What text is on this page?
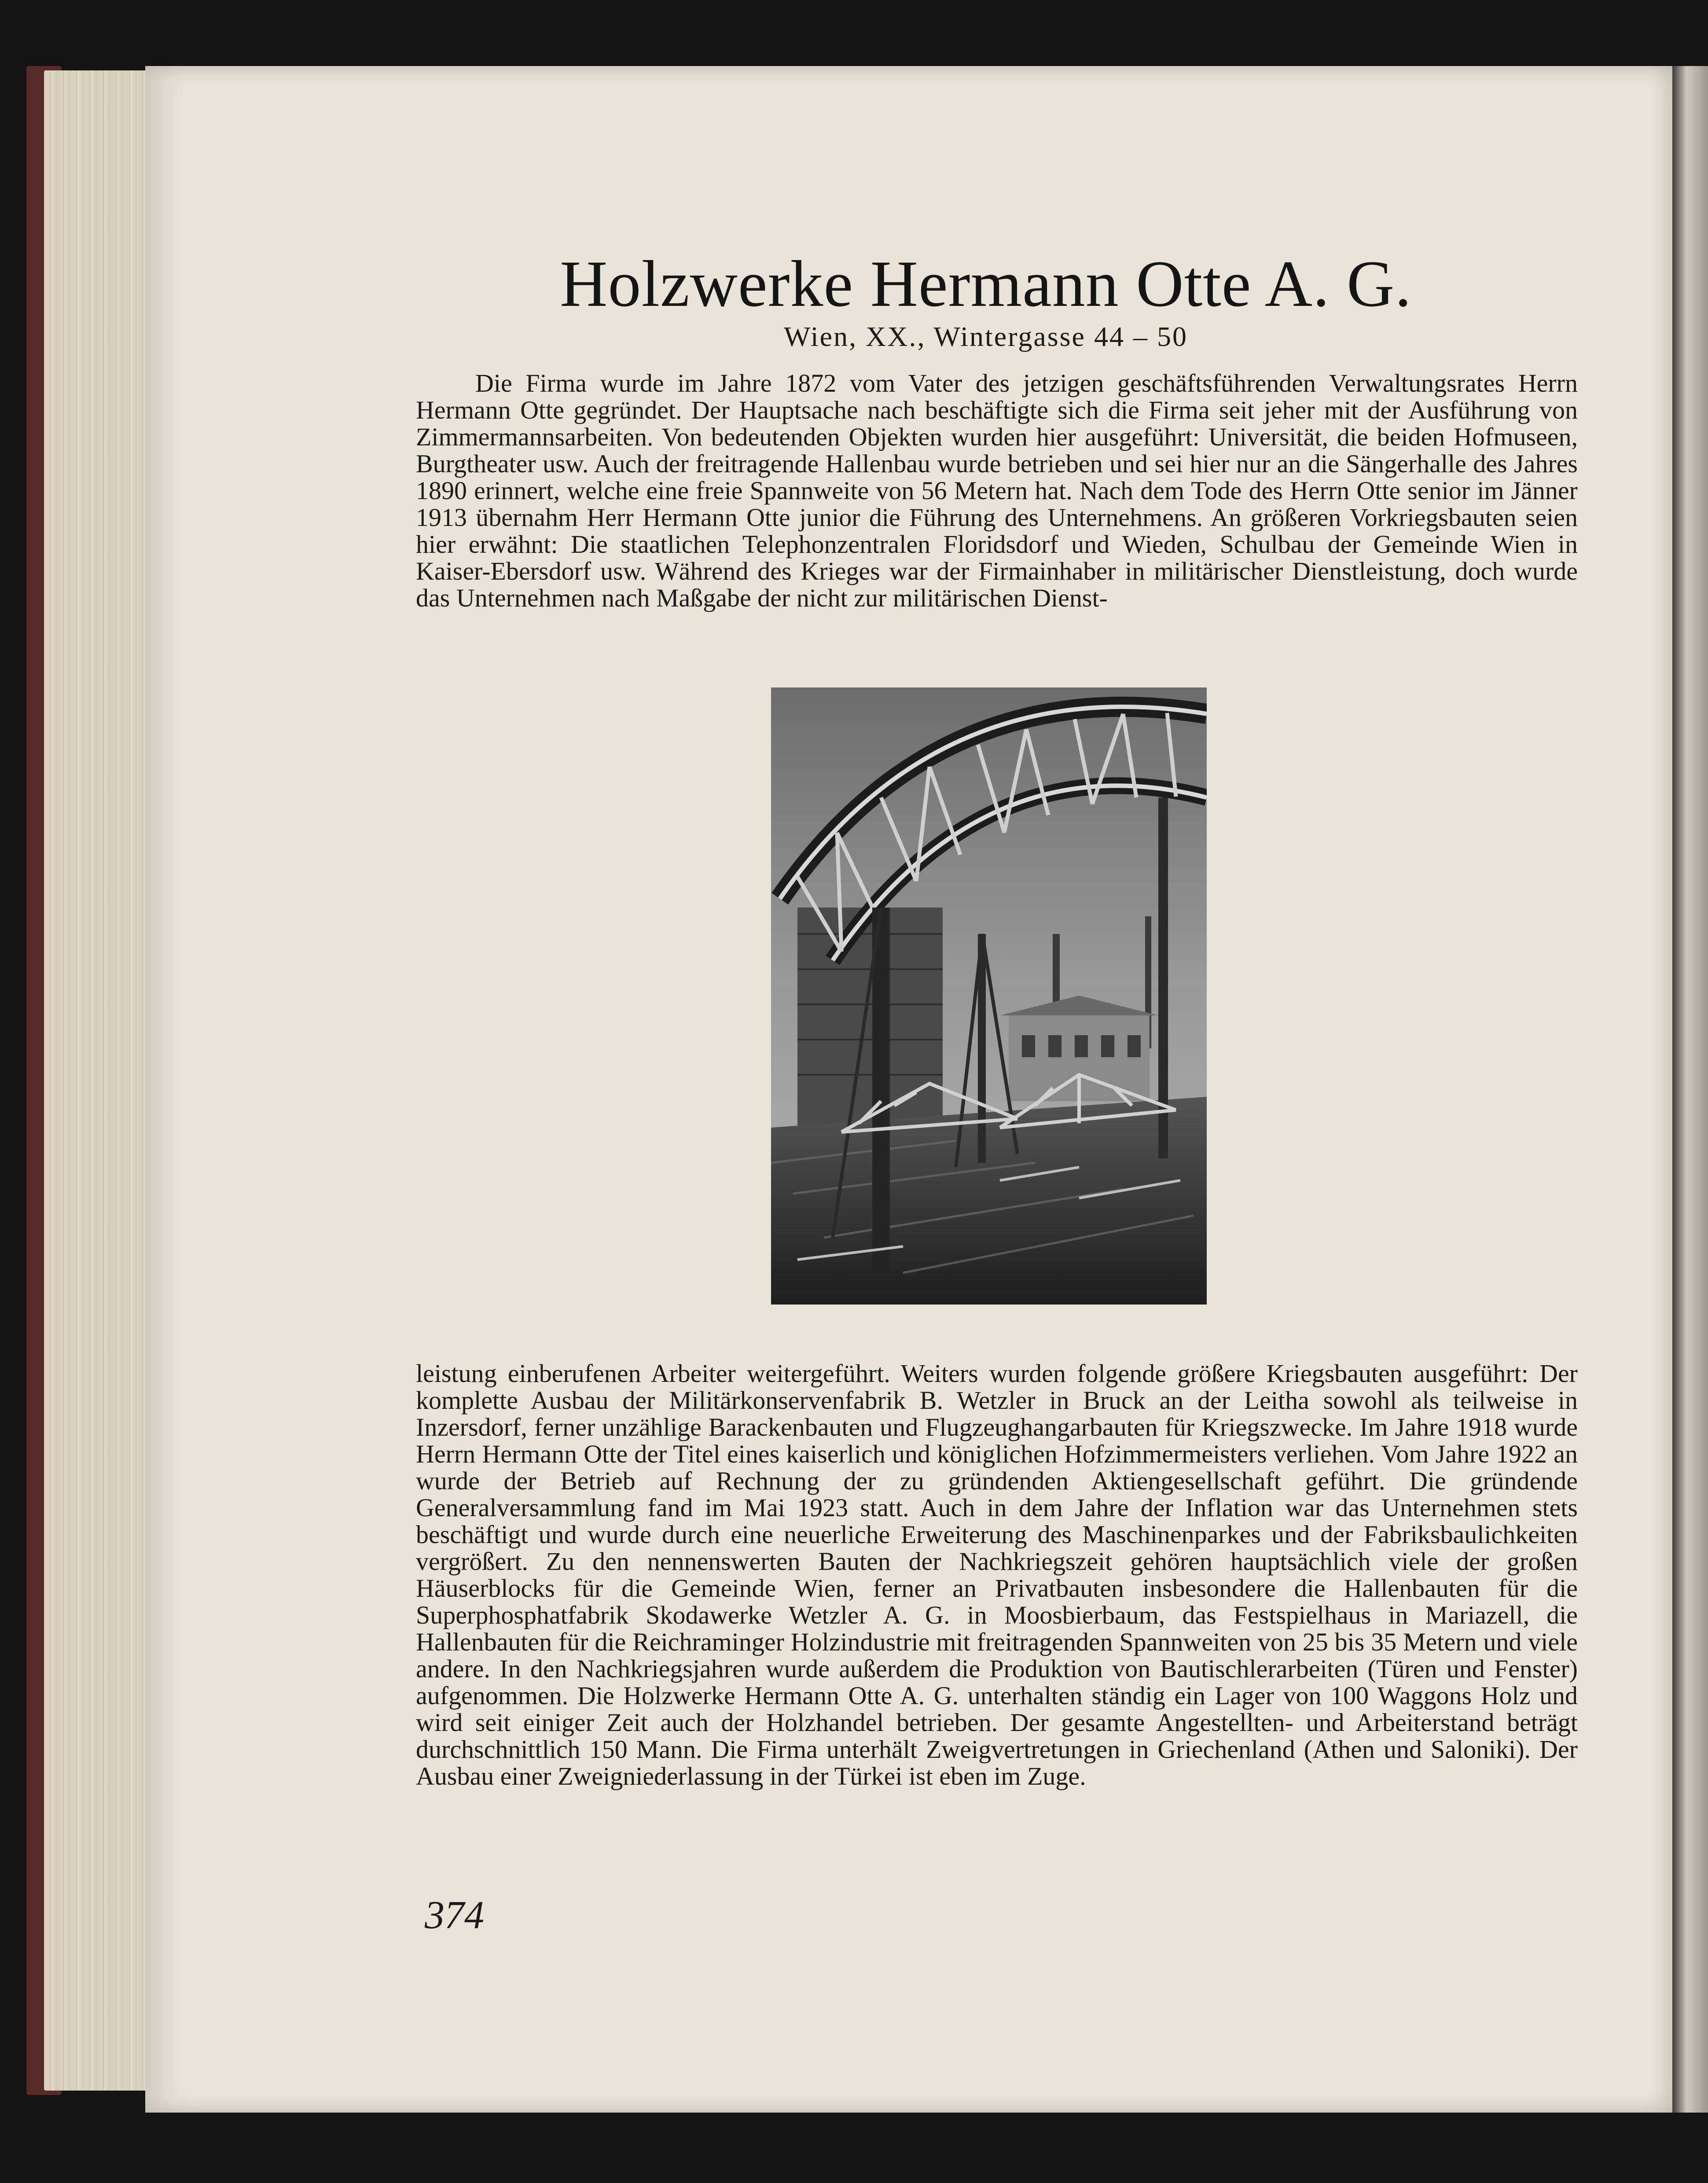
Holzwerke Hermann Otte A. G.
Wien, XX., Wintergasse 44 – 50

Die Firma wurde im Jahre 1872 vom Vater des jetzigen geschäftsführenden Verwaltungsrates Herrn Hermann Otte gegründet. Der Hauptsache nach beschäftigte sich die Firma seit jeher mit der Ausführung von Zimmermannsarbeiten. Von bedeutenden Objekten wurden hier ausgeführt: Universität, die beiden Hofmuseen, Burgtheater usw. Auch der freitragende Hallenbau wurde betrieben und sei hier nur an die Sängerhalle des Jahres 1890 erinnert, welche eine freie Spannweite von 56 Metern hat. Nach dem Tode des Herrn Otte senior im Jänner 1913 übernahm Herr Hermann Otte junior die Führung des Unternehmens. An größeren Vorkriegsbauten seien hier erwähnt: Die staatlichen Telephonzentralen Floridsdorf und Wieden, Schulbau der Gemeinde Wien in Kaiser-Ebersdorf usw. Während des Krieges war der Firmainhaber in militärischer Dienstleistung, doch wurde das Unternehmen nach Maßgabe der nicht zur militärischen Dienst-

leistung einberufenen Arbeiter weitergeführt. Weiters wurden folgende größere Kriegsbauten ausgeführt: Der komplette Ausbau der Militärkonservenfabrik B. Wetzler in Bruck an der Leitha sowohl als teilweise in Inzersdorf, ferner unzählige Barackenbauten und Flugzeughangarbauten für Kriegszwecke. Im Jahre 1918 wurde Herrn Hermann Otte der Titel eines kaiserlich und königlichen Hofzimmermeisters verliehen. Vom Jahre 1922 an wurde der Betrieb auf Rechnung der zu gründenden Aktiengesellschaft geführt. Die gründende Generalversammlung fand im Mai 1923 statt. Auch in dem Jahre der Inflation war das Unternehmen stets beschäftigt und wurde durch eine neuerliche Erweiterung des Maschinenparkes und der Fabriksbaulichkeiten vergrößert. Zu den nennenswerten Bauten der Nachkriegszeit gehören hauptsächlich viele der großen Häuserblocks für die Gemeinde Wien, ferner an Privatbauten insbesondere die Hallenbauten für die Superphosphatfabrik Skodawerke Wetzler A. G. in Moosbierbaum, das Festspielhaus in Mariazell, die Hallenbauten für die Reichraminger Holzindustrie mit freitragenden Spannweiten von 25 bis 35 Metern und viele andere. In den Nachkriegsjahren wurde außerdem die Produktion von Bautischlerarbeiten (Türen und Fenster) aufgenommen. Die Holzwerke Hermann Otte A. G. unterhalten ständig ein Lager von 100 Waggons Holz und wird seit einiger Zeit auch der Holzhandel betrieben. Der gesamte Angestellten- und Arbeiterstand beträgt durchschnittlich 150 Mann. Die Firma unterhält Zweigvertretungen in Griechenland (Athen und Saloniki). Der Ausbau einer Zweigniederlassung in der Türkei ist eben im Zuge.

374
